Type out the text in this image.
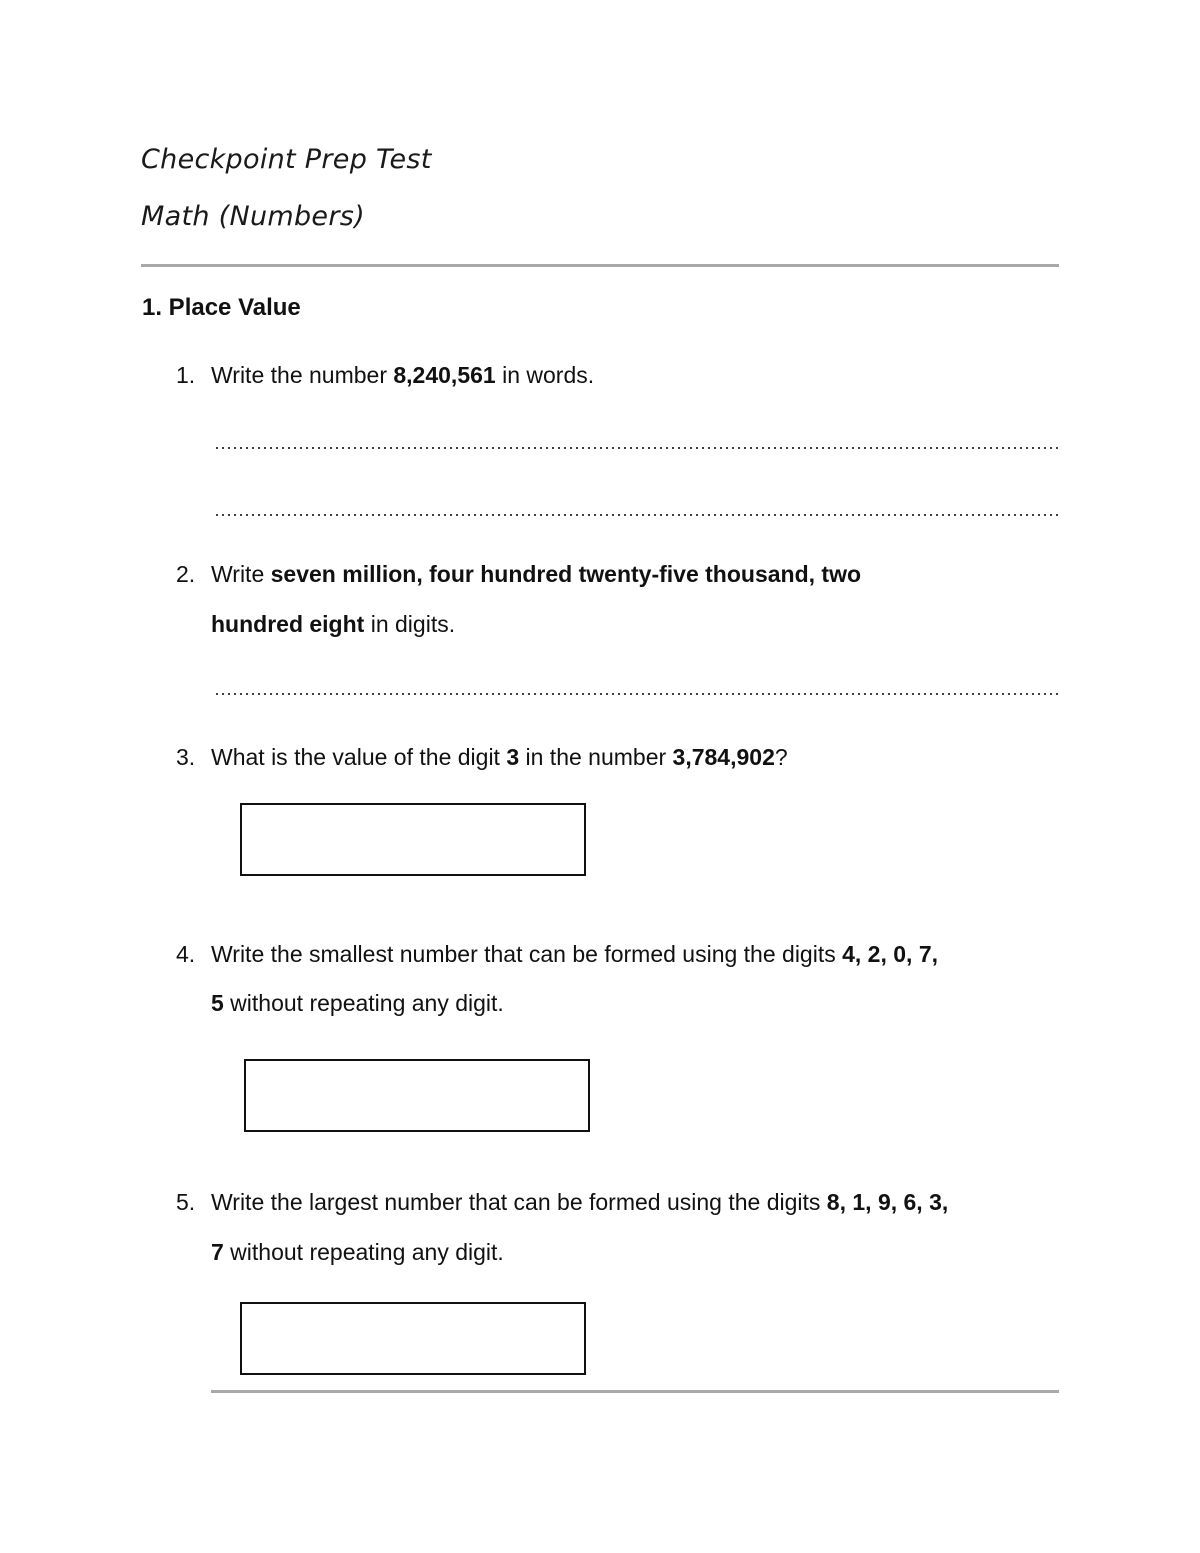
Checkpoint Prep Test
Math (Numbers)
1. Place Value
1. Write the number 8,240,561 in words.
2. Write seven million, four hundred twenty-five thousand, two
hundred eight in digits.
3. What is the value of the digit 3 in the number 3,784,902?
4. Write the smallest number that can be formed using the digits 4, 2, 0, 7,
5 without repeating any digit.
5. Write the largest number that can be formed using the digits 8, 1, 9, 6, 3,
7 without repeating any digit.
